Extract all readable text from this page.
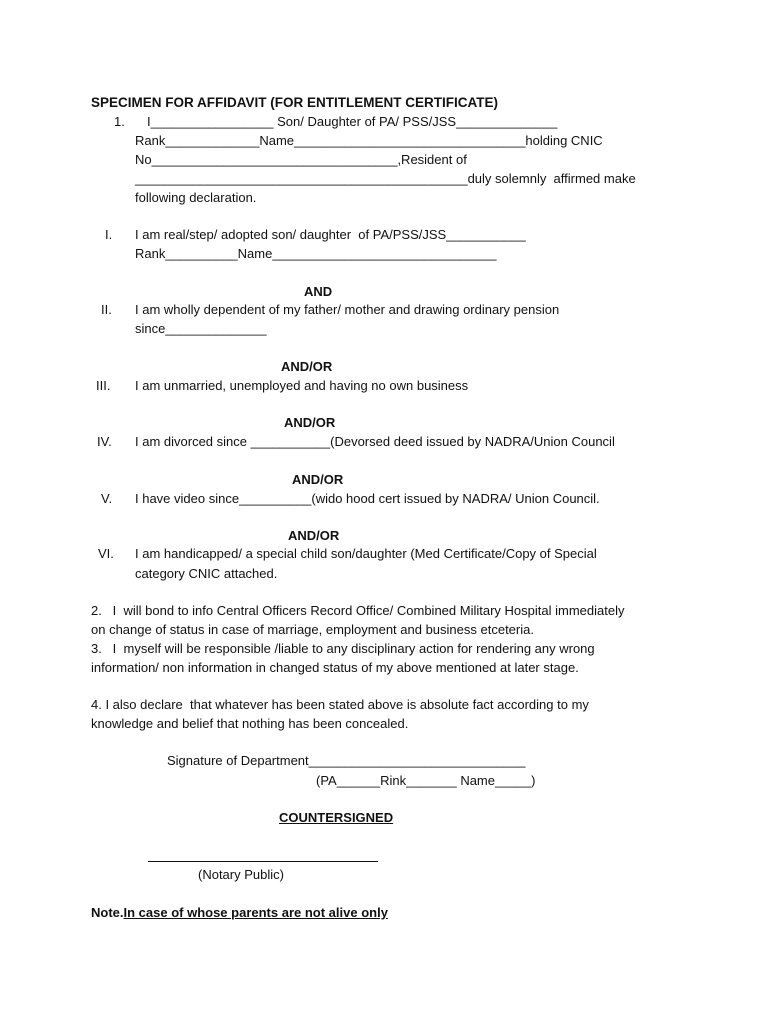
SPECIMEN FOR AFFIDAVIT (FOR ENTITLEMENT CERTIFICATE)
1. I_________________ Son/ Daughter of PA/ PSS/JSS______________
Rank_____________Name________________________________holding CNIC
No__________________________________,Resident of
______________________________________________duly solemnly  affirmed make
following declaration.
I. I am real/step/ adopted son/ daughter  of PA/PSS/JSS___________
Rank__________Name_______________________________
AND
II. I am wholly dependent of my father/ mother and drawing ordinary pension
since______________
AND/OR
III. I am unmarried, unemployed and having no own business
AND/OR
IV. I am divorced since ___________(Devorsed deed issued by NADRA/Union Council
AND/OR
V. I have video since__________(wido hood cert issued by NADRA/ Union Council.
AND/OR
VI. I am handicapped/ a special child son/daughter (Med Certificate/Copy of Special
category CNIC attached.
2.   I  will bond to info Central Officers Record Office/ Combined Military Hospital immediately
on change of status in case of marriage, employment and business etceteria.
3.   I  myself will be responsible /liable to any disciplinary action for rendering any wrong
information/ non information in changed status of my above mentioned at later stage.
4. I also declare  that whatever has been stated above is absolute fact according to my
knowledge and belief that nothing has been concealed.
Signature of Department______________________________
(PA______Rink_______ Name_____)
COUNTERSIGNED
(Notary Public)
Note.In case of whose parents are not alive only
